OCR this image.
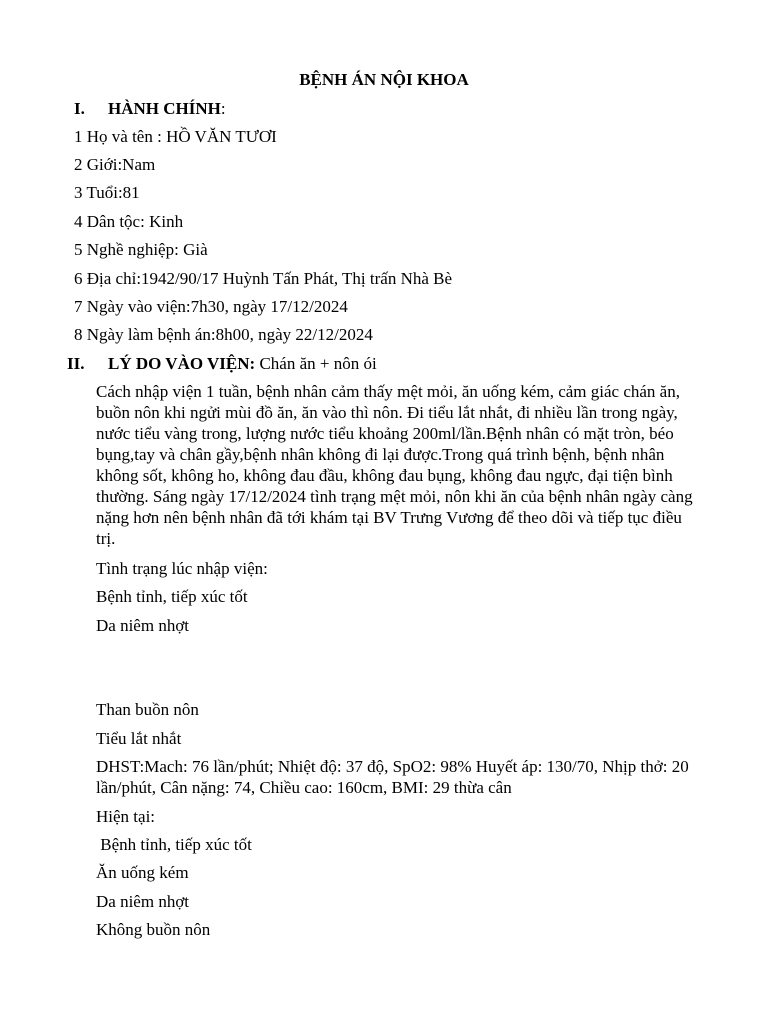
BỆNH ÁN NỘI KHOA
I. HÀNH CHÍNH:
1 Họ và tên : HỒ VĂN TƯƠI
2 Giới:Nam
3 Tuổi:81
4 Dân tộc: Kinh
5 Nghề nghiệp: Già
6 Địa chỉ:1942/90/17 Huỳnh Tấn Phát, Thị trấn Nhà Bè
7 Ngày vào viện:7h30, ngày 17/12/2024
8 Ngày làm bệnh án:8h00, ngày 22/12/2024
II. LÝ DO VÀO VIỆN: Chán ăn + nôn ói
Cách nhập viện 1 tuần, bệnh nhân cảm thấy mệt mỏi, ăn uống kém, cảm giác chán ăn, buồn nôn khi ngửi mùi đồ ăn, ăn vào thì nôn. Đi tiểu lắt nhắt, đi nhiều lần trong ngày, nước tiểu vàng trong, lượng nước tiểu khoảng 200ml/lần.Bệnh nhân có mặt tròn, béo bụng,tay và chân gầy,bệnh nhân không đi lại được.Trong quá trình bệnh, bệnh nhân không sốt, không ho, không đau đầu, không đau bụng, không đau ngực, đại tiện bình thường. Sáng ngày 17/12/2024 tình trạng mệt mỏi, nôn khi ăn của bệnh nhân ngày càng nặng hơn nên bệnh nhân đã tới khám tại BV Trưng Vương để theo dõi và tiếp tục điều trị.
Tình trạng lúc nhập viện:
Bệnh tỉnh, tiếp xúc tốt
Da niêm nhợt
Than buồn nôn
Tiểu lắt nhắt
DHST:Mach: 76 lần/phút; Nhiệt độ: 37 độ, SpO2: 98% Huyết áp: 130/70, Nhịp thở: 20 lần/phút, Cân nặng: 74, Chiều cao: 160cm, BMI: 29 thừa cân
Hiện tại:
Bệnh tỉnh, tiếp xúc tốt
Ăn uống kém
Da niêm nhợt
Không buồn nôn
